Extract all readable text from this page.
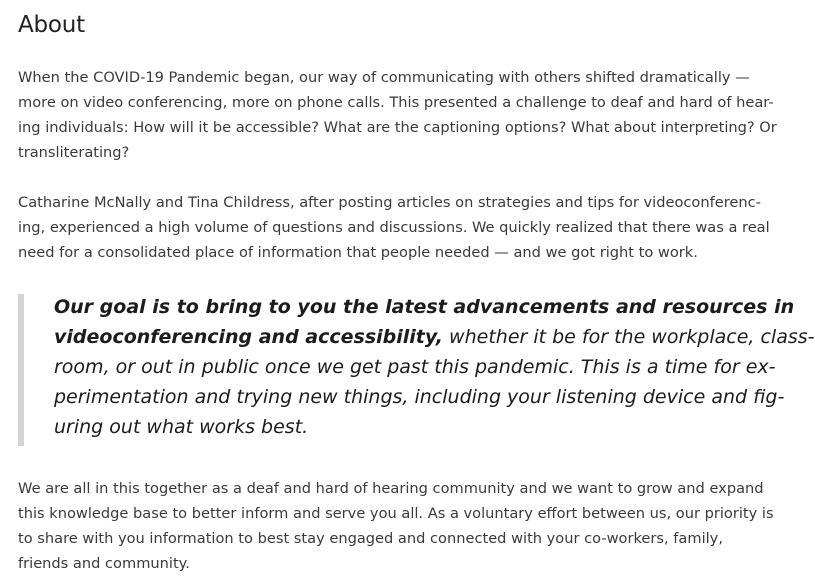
About
When the COVID-19 Pandemic began, our way of communicating with others shifted dramatically —
more on video conferencing, more on phone calls. This presented a challenge to deaf and hard of hear-
ing individuals: How will it be accessible? What are the captioning options? What about interpreting? Or
transliterating?
Catharine McNally and Tina Childress, after posting articles on strategies and tips for videoconferenc-
ing, experienced a high volume of questions and discussions. We quickly realized that there was a real
need for a consolidated place of information that people needed — and we got right to work.
Our goal is to bring to you the latest advancements and resources in
videoconferencing and accessibility, whether it be for the workplace, class-
room, or out in public once we get past this pandemic. This is a time for ex-
perimentation and trying new things, including your listening device and fig-
uring out what works best.
We are all in this together as a deaf and hard of hearing community and we want to grow and expand
this knowledge base to better inform and serve you all. As a voluntary effort between us, our priority is
to share with you information to best stay engaged and connected with your co-workers, family,
friends and community.
